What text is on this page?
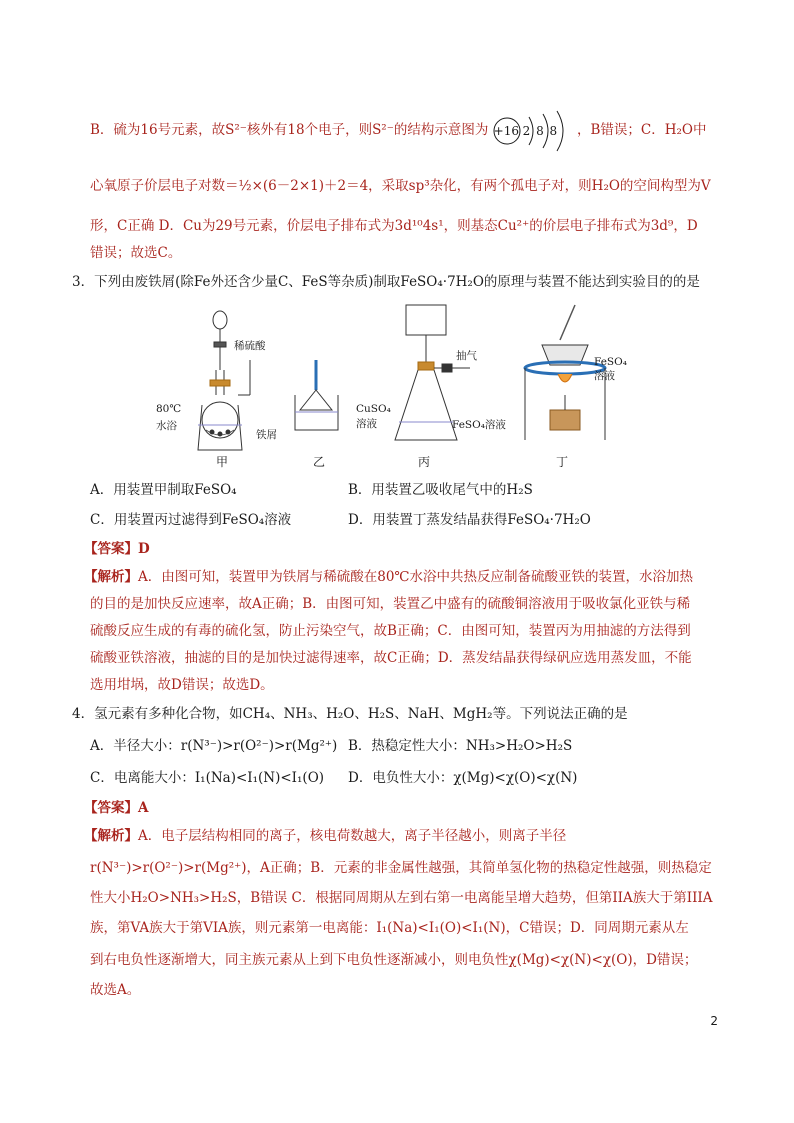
B．硫为16号元素，故S²⁻核外有18个电子，则S²⁻的结构示意图为 +16 2 8 8 ，B错误；C．H₂O中
心氧原子价层电子对数＝½×(6－2×1)＋2＝4，采取sp³杂化，有两个孤电子对，则H₂O的空间构型为V
形，C正确 D．Cu为29号元素，价层电子排布式为3d¹⁰4s¹，则基态Cu²⁺的价层电子排布式为3d⁹，D
错误；故选C。
3．下列由废铁屑(除Fe外还含少量C、FeS等杂质)制取FeSO₄·7H₂O的原理与装置不能达到实验目的的是
稀硫酸
80℃
水浴
铁屑
CuSO₄
溶液
抽气
FeSO₄溶液
FeSO₄溶液
甲	乙	丙	丁
A．用装置甲制取FeSO₄	B．用装置乙吸收尾气中的H₂S
C．用装置丙过滤得到FeSO₄溶液	D．用装置丁蒸发结晶获得FeSO₄·7H₂O
【答案】D
【解析】A．由图可知，装置甲为铁屑与稀硫酸在80℃水浴中共热反应制备硫酸亚铁的装置，水浴加热
的目的是加快反应速率，故A正确；B．由图可知，装置乙中盛有的硫酸铜溶液用于吸收氯化亚铁与稀
硫酸反应生成的有毒的硫化氢，防止污染空气，故B正确；C．由图可知，装置丙为用抽滤的方法得到
硫酸亚铁溶液，抽滤的目的是加快过滤得速率，故C正确；D．蒸发结晶获得绿矾应选用蒸发皿，不能
选用坩埚，故D错误；故选D。
4．氢元素有多种化合物，如CH₄、NH₃、H₂O、H₂S、NaH、MgH₂等。下列说法正确的是
A．半径大小：r(N³⁻)>r(O²⁻)>r(Mg²⁺) B．热稳定性大小：NH₃>H₂O>H₂S
C．电离能大小：I₁(Na)<I₁(N)<I₁(O)	D．电负性大小：χ(Mg)<χ(O)<χ(N)
【答案】A
【解析】A．电子层结构相同的离子，核电荷数越大，离子半径越小，则离子半径
r(N³⁻)>r(O²⁻)>r(Mg²⁺)，A正确；B．元素的非金属性越强，其简单氢化物的热稳定性越强，则热稳定
性大小H₂O>NH₃>H₂S，B错误 C．根据同周期从左到右第一电离能呈增大趋势，但第IIA族大于第IIIA
族，第VA族大于第VIA族，则元素第一电离能：I₁(Na)<I₁(O)<I₁(N)，C错误；D．同周期元素从左
到右电负性逐渐增大，同主族元素从上到下电负性逐渐减小，则电负性χ(Mg)<χ(N)<χ(O)，D错误；
故选A。
2
